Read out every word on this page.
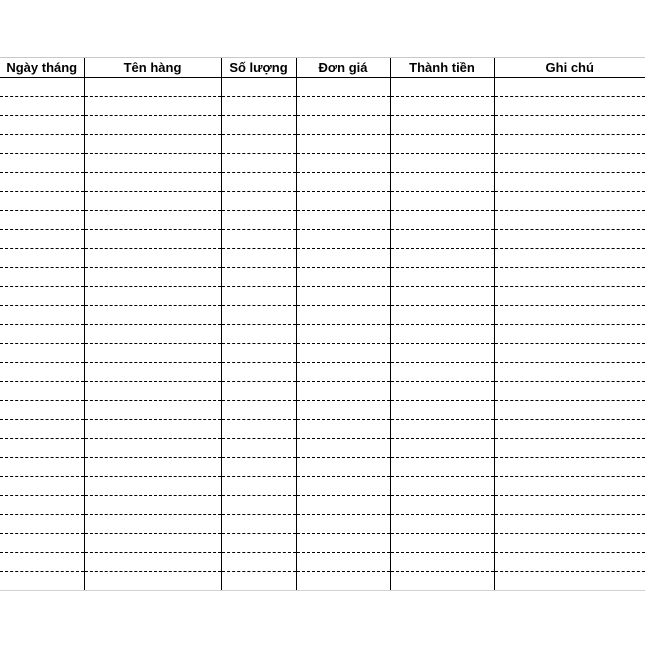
Ngày tháng	Tên hàng	Số lượng	Đơn giá	Thành tiền	Ghi chú
